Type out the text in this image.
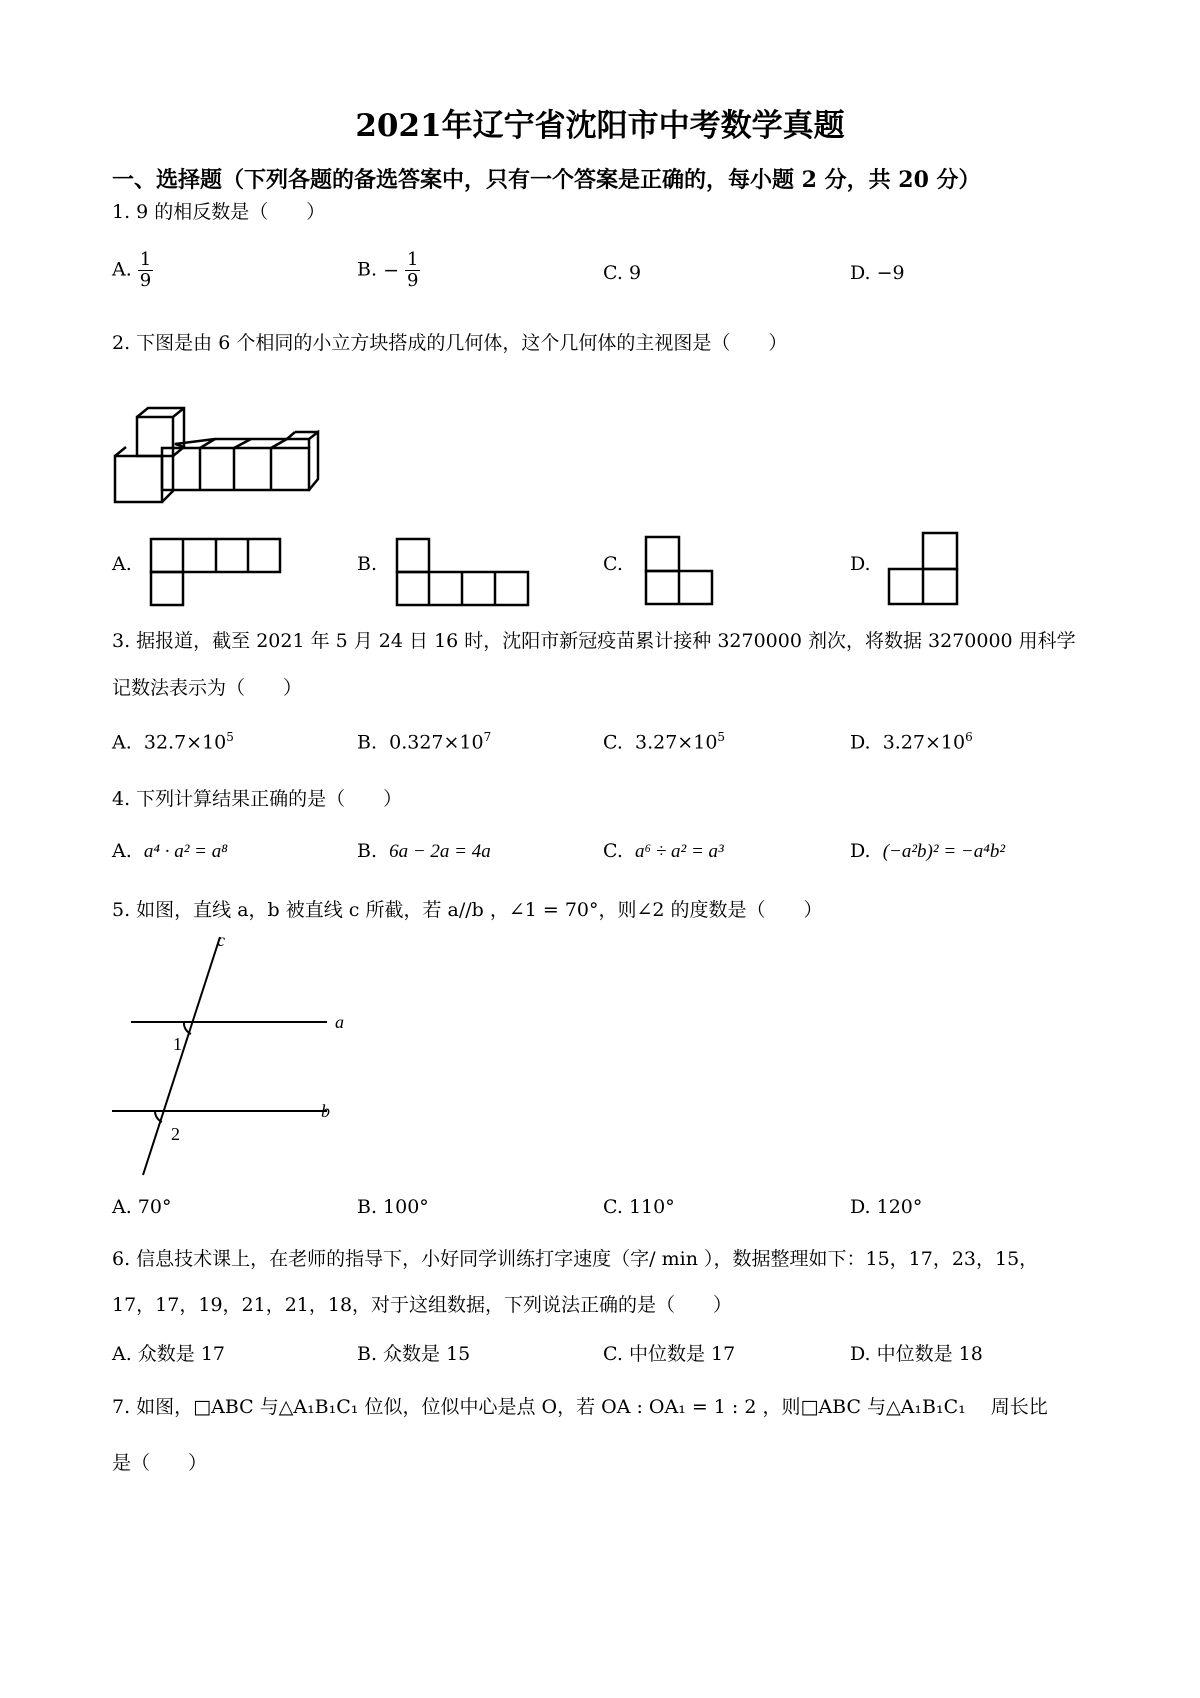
2021年辽宁省沈阳市中考数学真题
一、选择题（下列各题的备选答案中，只有一个答案是正确的，每小题 2 分，共 20 分）
1. 9 的相反数是（　　）
A. $\frac{1}{9}$	B. − $\frac{1}{9}$	C. 9	D. −9
2. 下图是由 6 个相同的小立方块搭成的几何体，这个几何体的主视图是（　　）
A.	B.	C.	D.
3. 据报道，截至 2021 年 5 月 24 日 16 时，沈阳市新冠疫苗累计接种 3270000 剂次，将数据 3270000 用科学
记数法表示为（　　）
A. $32.7\times 10^5$	B. $0.327\times 10^7$	C. $3.27\times 10^5$	D. $3.27\times 10^6$
4. 下列计算结果正确的是（　　）
A. a⁴ · a² = a⁸	B. 6a − 2a = 4a	C. a⁶ ÷ a² = a³	D. (−a²b)² = −a⁴b²
5. 如图，直线 a，b 被直线 c 所截，若 a//b ，∠1 = 70°，则∠2 的度数是（　　）
c
a
b
1
2
A. 70°	B. 100°	C. 110°	D. 120°
6. 信息技术课上，在老师的指导下，小好同学训练打字速度（字/ min ），数据整理如下：15，17，23，15，
17，17，19，21，21，18，对于这组数据，下列说法正确的是（　　）
A. 众数是 17	B. 众数是 15	C. 中位数是 17	D. 中位数是 18
7. 如图，□ABC 与△A₁B₁C₁ 位似，位似中心是点 O，若 OA : OA₁ = 1 : 2 ，则□ABC 与△A₁B₁C₁ 　周长比
是（　　）
